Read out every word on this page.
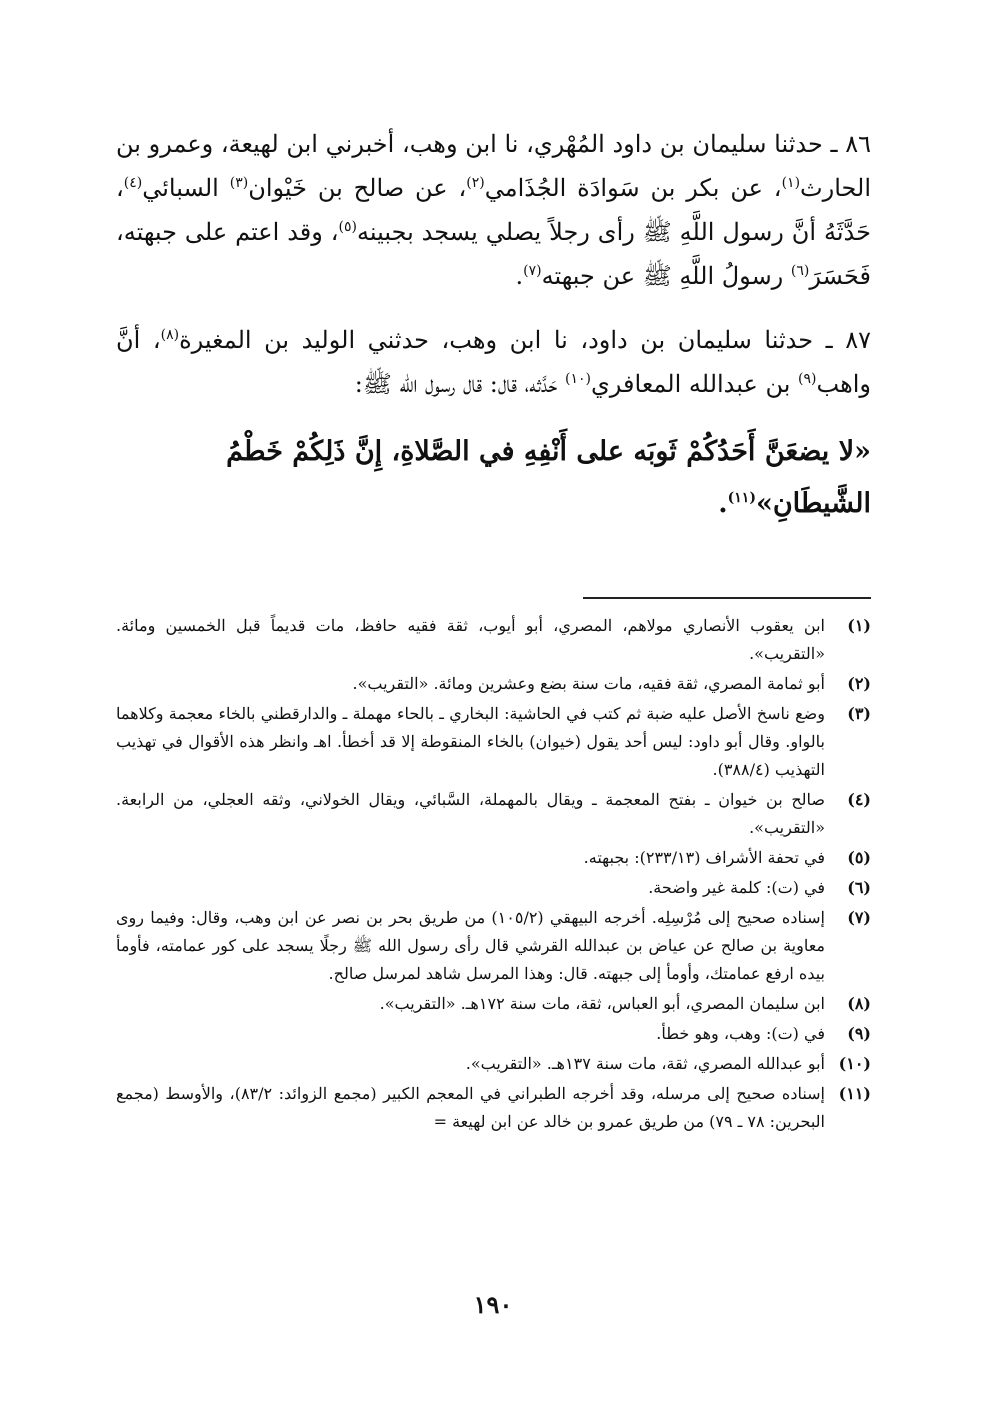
٨٦ ـ حدثنا سليمان بن داود المُهْري، نا ابن وهب، أخبرني ابن لهيعة، وعمرو بن الحارث$^{(١)}$، عن بكر بن سَوادَة الجُذَامي$^{(٢)}$، عن صالح بن خَيْوان$^{(٣)}$ السبائي$^{(٤)}$، حَدَّثَهُ أنَّ رسول اللَّهِ ﷺ رأى رجلاً يصلي يسجد بجبينه$^{(٥)}$، وقد اعتم على جبهته، فَحَسَرَ$^{(٦)}$ رسولُ اللَّهِ ﷺ عن جبهته$^{(٧)}$.

٨٧ ـ حدثنا سليمان بن داود، نا ابن وهب، حدثني الوليد بن المغيرة$^{(٨)}$، أنَّ واهب$^{(٩)}$ بن عبدالله المعافري$^{(١٠)}$ حَدَّثه، قال: قال رسول الله ﷺ:

«لا يضعَنَّ أَحَدُكُمْ ثَوبَه على أَنْفِهِ في الصَّلاةِ، إِنَّ ذَلِكُمْ خَطْمُ الشَّيطَانِ»$^{(١١)}$.

(١)
ابن يعقوب الأنصاري مولاهم، المصري، أبو أيوب، ثقة فقيه حافظ، مات قديماً قبل الخمسين ومائة. «التقريب».
(٢)
أبو ثمامة المصري، ثقة فقيه، مات سنة بضع وعشرين ومائة. «التقريب».
(٣)
وضع ناسخ الأصل عليه ضبة ثم كتب في الحاشية: البخاري ـ بالحاء مهملة ـ والدارقطني بالخاء معجمة وكلاهما بالواو. وقال أبو داود: ليس أحد يقول (خيوان) بالخاء المنقوطة إلا قد أخطأ. اهـ وانظر هذه الأقوال في تهذيب التهذيب (٣٨٨/٤).
(٤)
صالح بن خيوان ـ بفتح المعجمة ـ ويقال بالمهملة، السَّبائي، ويقال الخولاني، وثقه العجلي، من الرابعة. «التقريب».
(٥)
في تحفة الأشراف (٢٣٣/١٣): بجبهته.
(٦)
في (ت): كلمة غير واضحة.
(٧)
إسناده صحيح إلى مُرْسِلِه. أخرجه البيهقي (١٠٥/٢) من طريق بحر بن نصر عن ابن وهب، وقال: وفيما روى معاوية بن صالح عن عياض بن عبدالله القرشي قال رأى رسول الله ﷺ رجلًا يسجد على كور عمامته، فأومأ بيده ارفع عمامتك، وأومأ إلى جبهته. قال: وهذا المرسل شاهد لمرسل صالح.
(٨)
ابن سليمان المصري، أبو العباس، ثقة، مات سنة ١٧٢هـ. «التقريب».
(٩)
في (ت): وهب، وهو خطأ.
(١٠)
أبو عبدالله المصري، ثقة، مات سنة ١٣٧هـ. «التقريب».
(١١)
إسناده صحيح إلى مرسله، وقد أخرجه الطبراني في المعجم الكبير (مجمع الزوائد: ٨٣/٢)، والأوسط (مجمع البحرين: ٧٨ ـ ٧٩) من طريق عمرو بن خالد عن ابن لهيعة =
١٩٠
